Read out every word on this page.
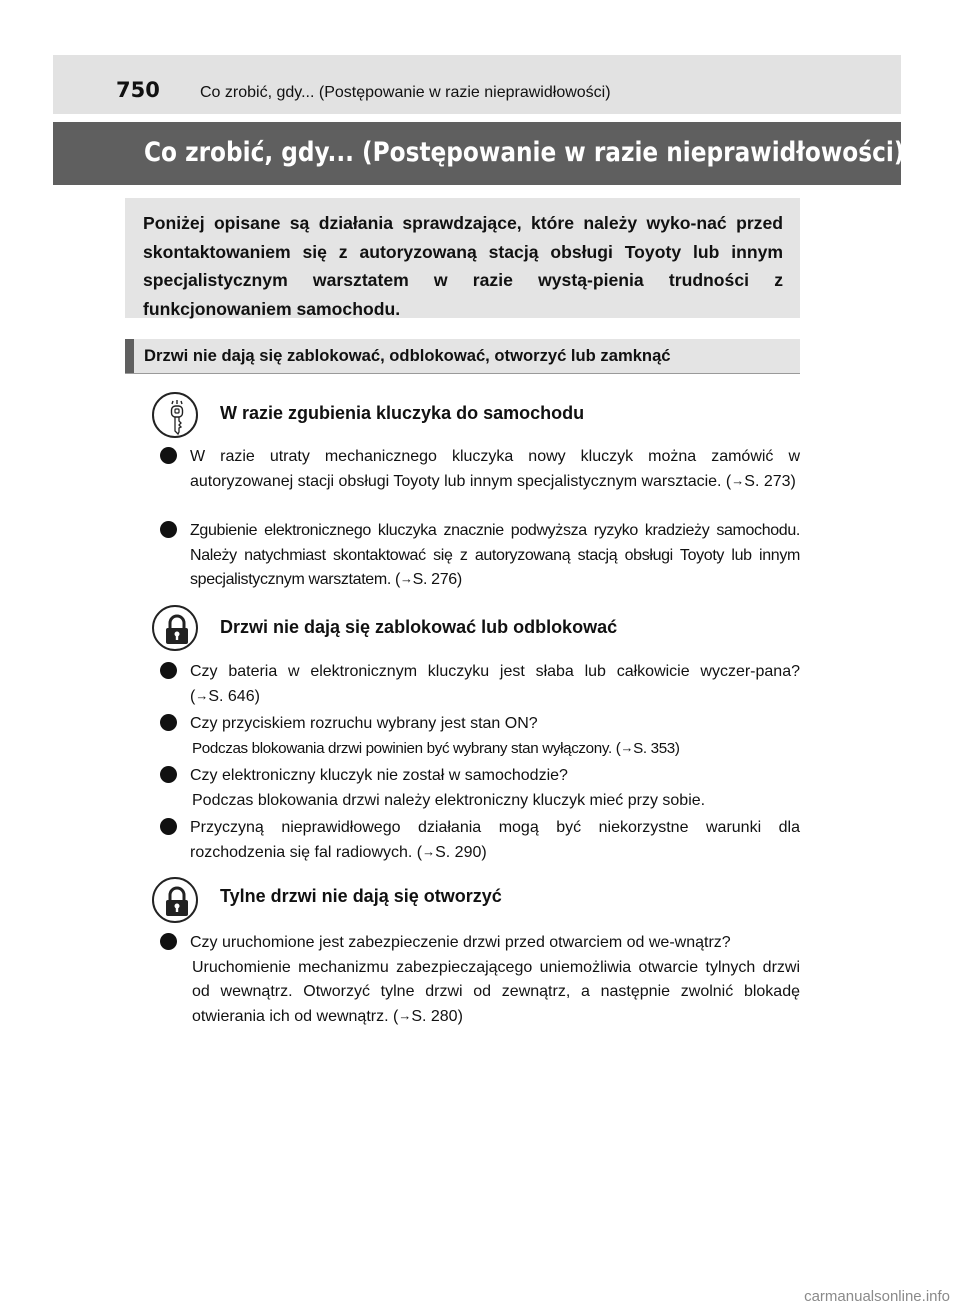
750	Co zrobić, gdy... (Postępowanie w razie nieprawidłowości)
Co zrobić, gdy... (Postępowanie w razie nieprawidłowości)

Poniżej opisane są działania sprawdzające, które należy wyko-nać przed skontaktowaniem się z autoryzowaną stacją obsługi Toyoty lub innym specjalistycznym warsztatem w razie wystą-pienia trudności z funkcjonowaniem samochodu.

Drzwi nie dają się zablokować, odblokować, otworzyć lub zamknąć
W razie zgubienia kluczyka do samochodu
W razie utraty mechanicznego kluczyka nowy kluczyk można zamówić w autoryzowanej stacji obsługi Toyoty lub innym specjalistycznym warsztacie. (→S. 273)
Zgubienie elektronicznego kluczyka znacznie podwyższa ryzyko kradzieży samochodu. Należy natychmiast skontaktować się z autoryzowaną stacją obsługi Toyoty lub innym specjalistycznym warsztatem. (→S. 276)
Drzwi nie dają się zablokować lub odblokować
Czy bateria w elektronicznym kluczyku jest słaba lub całkowicie wyczer-pana? (→S. 646)
Czy przyciskiem rozruchu wybrany jest stan ON?
Podczas blokowania drzwi powinien być wybrany stan wyłączony. (→S. 353)
Czy elektroniczny kluczyk nie został w samochodzie?
Podczas blokowania drzwi należy elektroniczny kluczyk mieć przy sobie.
Przyczyną nieprawidłowego działania mogą być niekorzystne warunki dla rozchodzenia się fal radiowych. (→S. 290)
Tylne drzwi nie dają się otworzyć
Czy uruchomione jest zabezpieczenie drzwi przed otwarciem od we-wnątrz?
Uruchomienie mechanizmu zabezpieczającego uniemożliwia otwarcie tylnych drzwi od wewnątrz. Otworzyć tylne drzwi od zewnątrz, a następnie zwolnić blokadę otwierania ich od wewnątrz. (→S. 280)
carmanualsonline.info
